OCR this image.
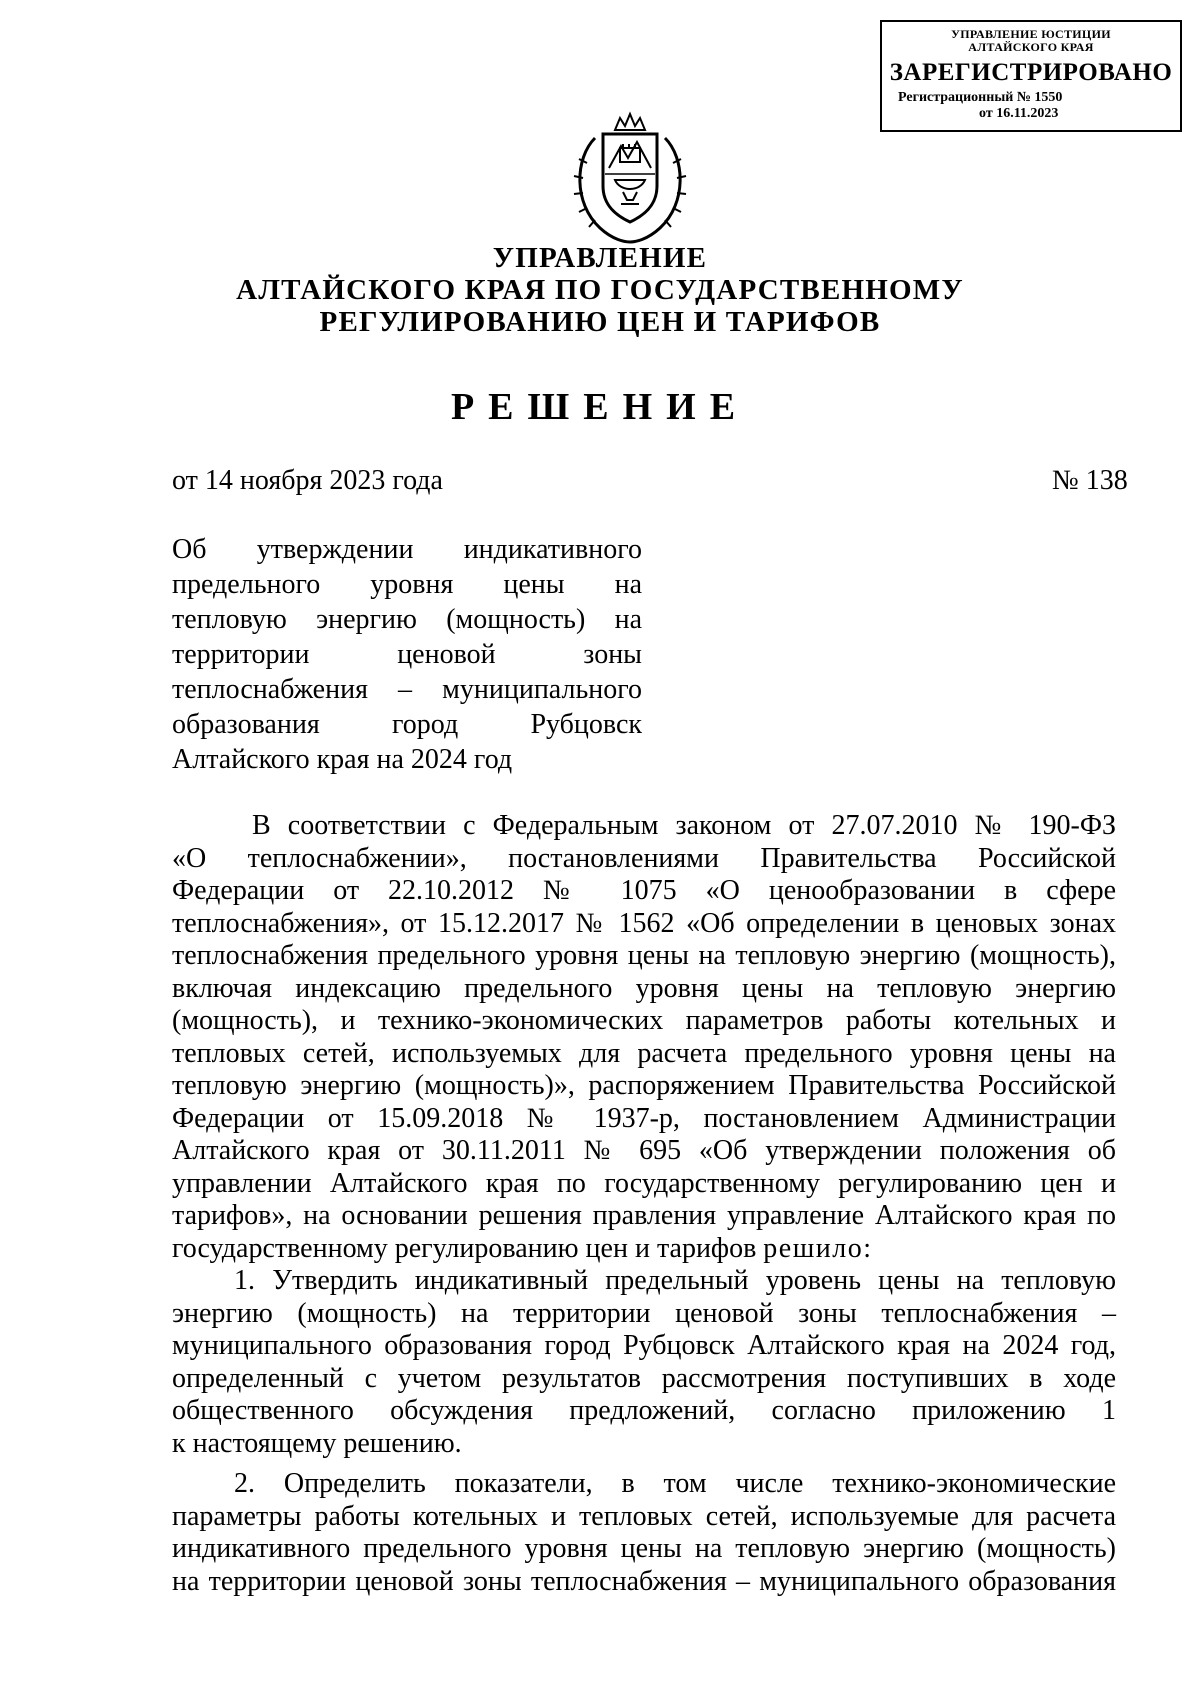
УПРАВЛЕНИЕ ЮСТИЦИИ
АЛТАЙСКОГО КРАЯ
ЗАРЕГИСТРИРОВАНО
Регистрационный № 1550
от 16.11.2023
УПРАВЛЕНИЕ
АЛТАЙСКОГО КРАЯ ПО ГОСУДАРСТВЕННОМУ
РЕГУЛИРОВАНИЮ ЦЕН И ТАРИФОВ
РЕШЕНИЕ
от 14 ноября 2023 года	№ 138
Об утверждении индикативного
предельного уровня цены на
тепловую энергию (мощность) на
территории ценовой зоны
теплоснабжения – муниципального
образования город Рубцовск
Алтайского края на 2024 год
В соответствии с Федеральным законом от 27.07.2010 № 190-ФЗ
«О теплоснабжении», постановлениями Правительства Российской
Федерации от 22.10.2012 № 1075 «О ценообразовании в сфере
теплоснабжения», от 15.12.2017 № 1562 «Об определении в ценовых зонах
теплоснабжения предельного уровня цены на тепловую энергию (мощность),
включая индексацию предельного уровня цены на тепловую энергию
(мощность), и технико-экономических параметров работы котельных и
тепловых сетей, используемых для расчета предельного уровня цены на
тепловую энергию (мощность)», распоряжением Правительства Российской
Федерации от 15.09.2018 № 1937-р, постановлением Администрации
Алтайского края от 30.11.2011 № 695 «Об утверждении положения об
управлении Алтайского края по государственному регулированию цен и
тарифов», на основании решения правления управление Алтайского края по
государственному регулированию цен и тарифов решило:
1. Утвердить индикативный предельный уровень цены на тепловую
энергию (мощность) на территории ценовой зоны теплоснабжения –
муниципального образования город Рубцовск Алтайского края на 2024 год,
определенный с учетом результатов рассмотрения поступивших в ходе
общественного обсуждения предложений, согласно приложению 1
к настоящему решению.
2. Определить показатели, в том числе технико-экономические
параметры работы котельных и тепловых сетей, используемые для расчета
индикативного предельного уровня цены на тепловую энергию (мощность)
на территории ценовой зоны теплоснабжения – муниципального образования
